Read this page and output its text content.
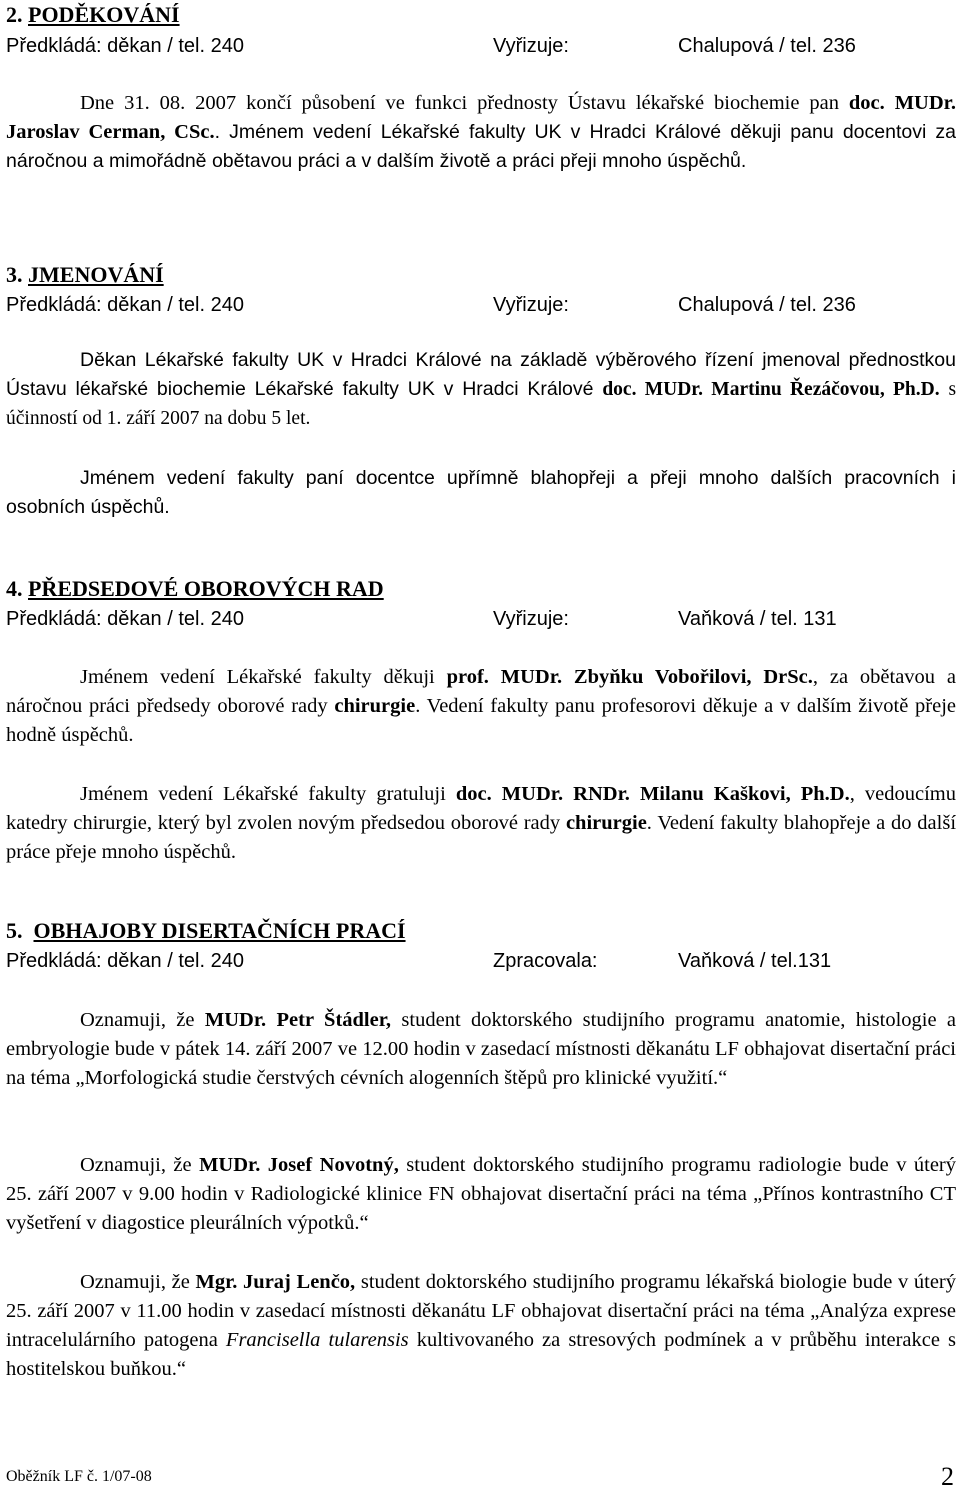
2. PODĚKOVÁNÍ
Předkládá: děkan / tel. 240	Vyřizuje:	Chalupová / tel. 236
Dne 31. 08. 2007 končí působení ve funkci přednosty Ústavu lékařské biochemie pan doc. MUDr. Jaroslav Cerman, CSc.. Jménem vedení Lékařské fakulty UK v Hradci Králové děkuji panu docentovi za náročnou a mimořádně obětavou práci a v dalším životě a práci přeji mnoho úspěchů.
3. JMENOVÁNÍ
Předkládá: děkan / tel. 240	Vyřizuje:	Chalupová / tel. 236
Děkan Lékařské fakulty UK v Hradci Králové na základě výběrového řízení jmenoval přednostkou Ústavu lékařské biochemie Lékařské fakulty UK v Hradci Králové doc. MUDr. Martinu Řezáčovou, Ph.D. s účinností od 1. září 2007 na dobu 5 let.
Jménem vedení fakulty paní docentce upřímně blahopřeji a přeji mnoho dalších pracovních i osobních úspěchů.
4. PŘEDSEDOVÉ OBOROVÝCH RAD
Předkládá: děkan / tel. 240	Vyřizuje:	Vaňková / tel. 131
Jménem vedení Lékařské fakulty děkuji prof. MUDr. Zbyňku Vobořilovi, DrSc., za obětavou a náročnou práci předsedy oborové rady chirurgie. Vedení fakulty panu profesorovi děkuje a v dalším životě přeje hodně úspěchů.
Jménem vedení Lékařské fakulty gratuluji doc. MUDr. RNDr. Milanu Kaškovi, Ph.D., vedoucímu katedry chirurgie, který byl zvolen novým předsedou oborové rady chirurgie. Vedení fakulty blahopřeje a do další práce přeje mnoho úspěchů.
5. OBHAJOBY DISERTAČNÍCH PRACÍ
Předkládá: děkan / tel. 240	Zpracovala:	Vaňková / tel.131
Oznamuji, že MUDr. Petr Štádler, student doktorského studijního programu anatomie, histologie a embryologie bude v pátek 14. září 2007 ve 12.00 hodin v zasedací místnosti děkanátu LF obhajovat disertační práci na téma „Morfologická studie čerstvých cévních alogenních štěpů pro klinické využití.“
Oznamuji, že MUDr. Josef Novotný, student doktorského studijního programu radiologie bude v úterý 25. září 2007 v 9.00 hodin v Radiologické klinice FN obhajovat disertační práci na téma „Přínos kontrastního CT vyšetření v diagostice pleurálních výpotků.“
Oznamuji, že Mgr. Juraj Lenčo, student doktorského studijního programu lékařská biologie bude v úterý 25. září 2007 v 11.00 hodin v zasedací místnosti děkanátu LF obhajovat disertační práci na téma „Analýza exprese intracelulárního patogena Francisella tularensis kultivovaného za stresových podmínek a v průběhu interakce s hostitelskou buňkou.“
Oběžník LF č. 1/07-08	2
